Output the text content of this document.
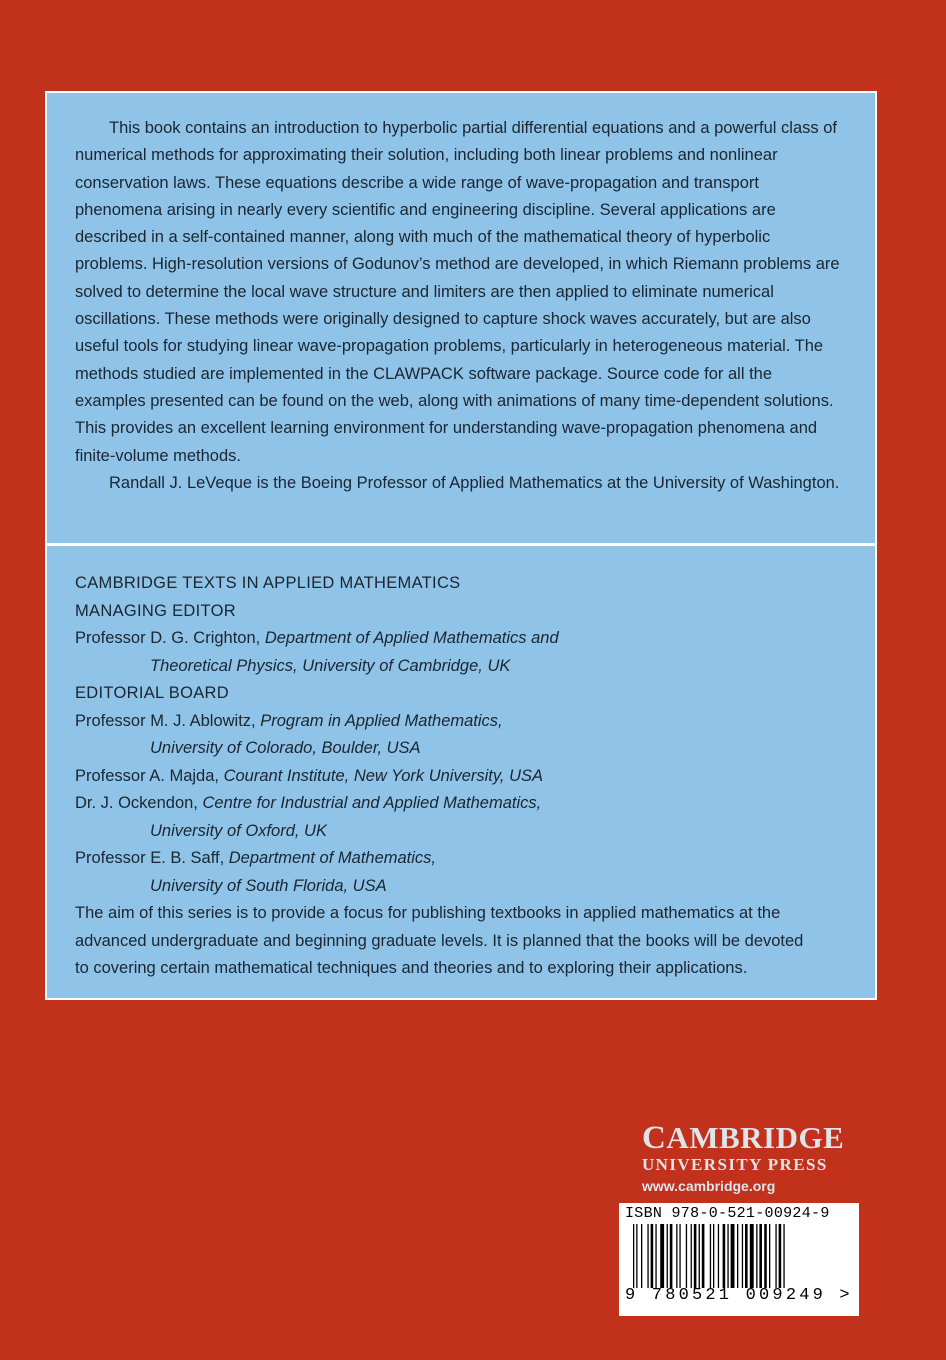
This book contains an introduction to hyperbolic partial differential equations and a powerful class of numerical methods for approximating their solution, including both linear problems and nonlinear conservation laws. These equations describe a wide range of wave-propagation and transport phenomena arising in nearly every scientific and engineering discipline. Several applications are described in a self-contained manner, along with much of the mathematical theory of hyperbolic problems. High-resolution versions of Godunov’s method are developed, in which Riemann problems are solved to determine the local wave structure and limiters are then applied to eliminate numerical oscillations. These methods were originally designed to capture shock waves accurately, but are also useful tools for studying linear wave-propagation problems, particularly in heterogeneous material. The methods studied are implemented in the CLAWPACK software package. Source code for all the examples presented can be found on the web, along with animations of many time-dependent solutions. This provides an excellent learning environment for understanding wave-propagation phenomena and finite-volume methods.

Randall J. LeVeque is the Boeing Professor of Applied Mathematics at the University of Washington.

CAMBRIDGE TEXTS IN APPLIED MATHEMATICS
MANAGING EDITOR
Professor D. G. Crighton, Department of Applied Mathematics and
Theoretical Physics, University of Cambridge, UK
EDITORIAL BOARD
Professor M. J. Ablowitz, Program in Applied Mathematics,
University of Colorado, Boulder, USA
Professor A. Majda, Courant Institute, New York University, USA
Dr. J. Ockendon, Centre for Industrial and Applied Mathematics,
University of Oxford, UK
Professor E. B. Saff, Department of Mathematics,
University of South Florida, USA
The aim of this series is to provide a focus for publishing textbooks in applied mathematics at the
advanced undergraduate and beginning graduate levels. It is planned that the books will be devoted
to covering certain mathematical techniques and theories and to exploring their applications.
CAMBRIDGE
UNIVERSITY PRESS
www.cambridge.org
ISBN 978-0-521-00924-9
9 780521 009249 >
